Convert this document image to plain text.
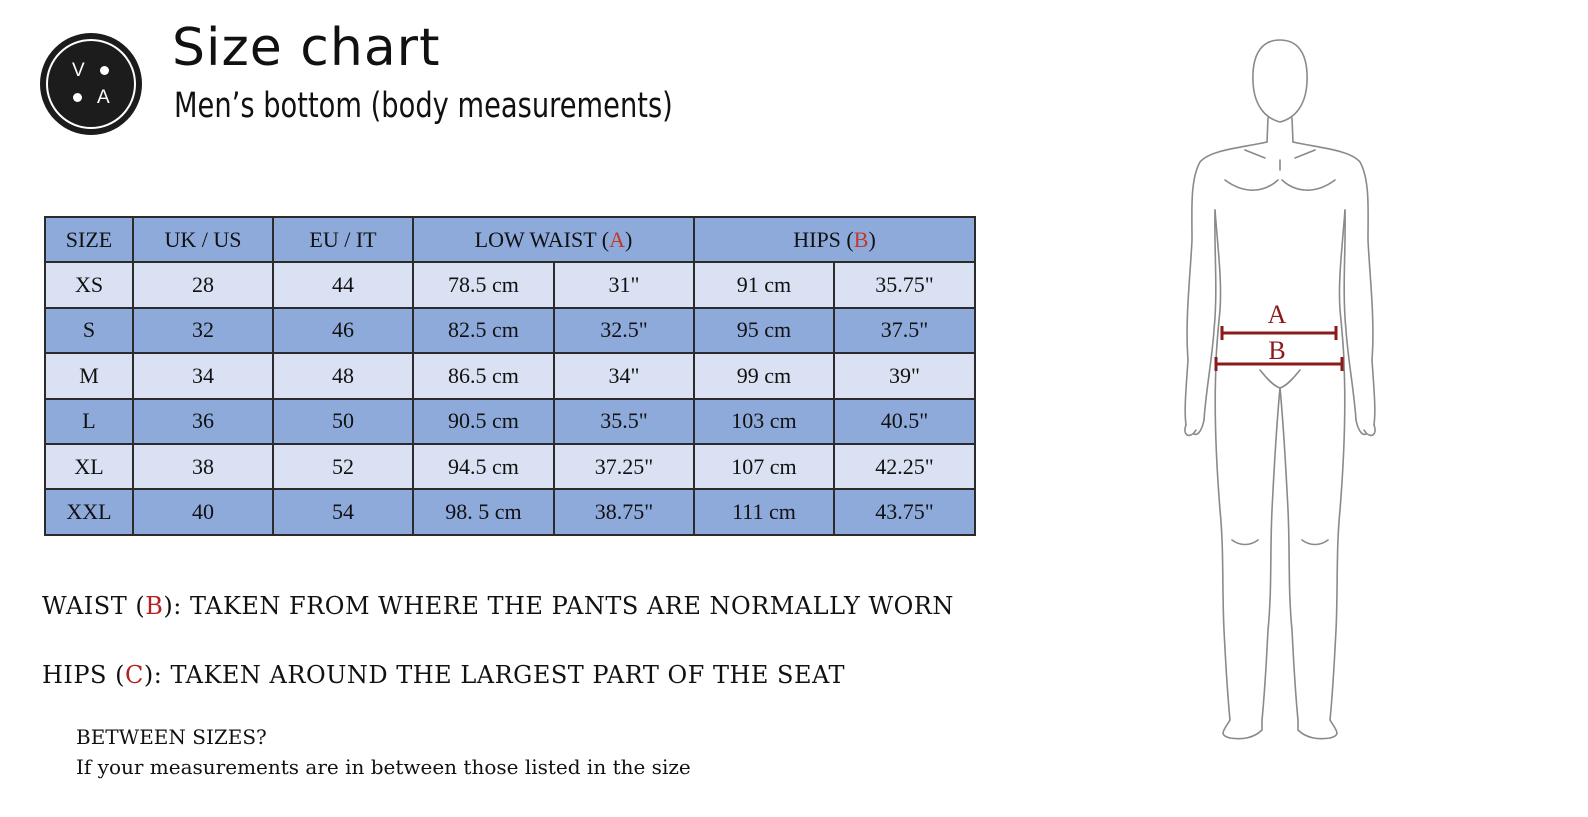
V
A
Size chart
Men’s bottom (body measurements)
SIZE	UK / US	EU / IT	LOW WAIST (A)		HIPS (B)	
XS	28	44	78.5 cm	31"	91 cm	35.75"
S	32	46	82.5 cm	32.5"	95 cm	37.5"
M	34	48	86.5 cm	34"	99 cm	39"
L	36	50	90.5 cm	35.5"	103 cm	40.5"
XL	38	52	94.5 cm	37.25"	107 cm	42.25"
XXL	40	54	98. 5 cm	38.75"	111 cm	43.75"

WAIST (B): TAKEN FROM WHERE THE PANTS ARE NORMALLY WORN

HIPS (C): TAKEN AROUND THE LARGEST PART OF THE SEAT

BETWEEN SIZES?

If your measurements are in between those listed in the size

A
B
